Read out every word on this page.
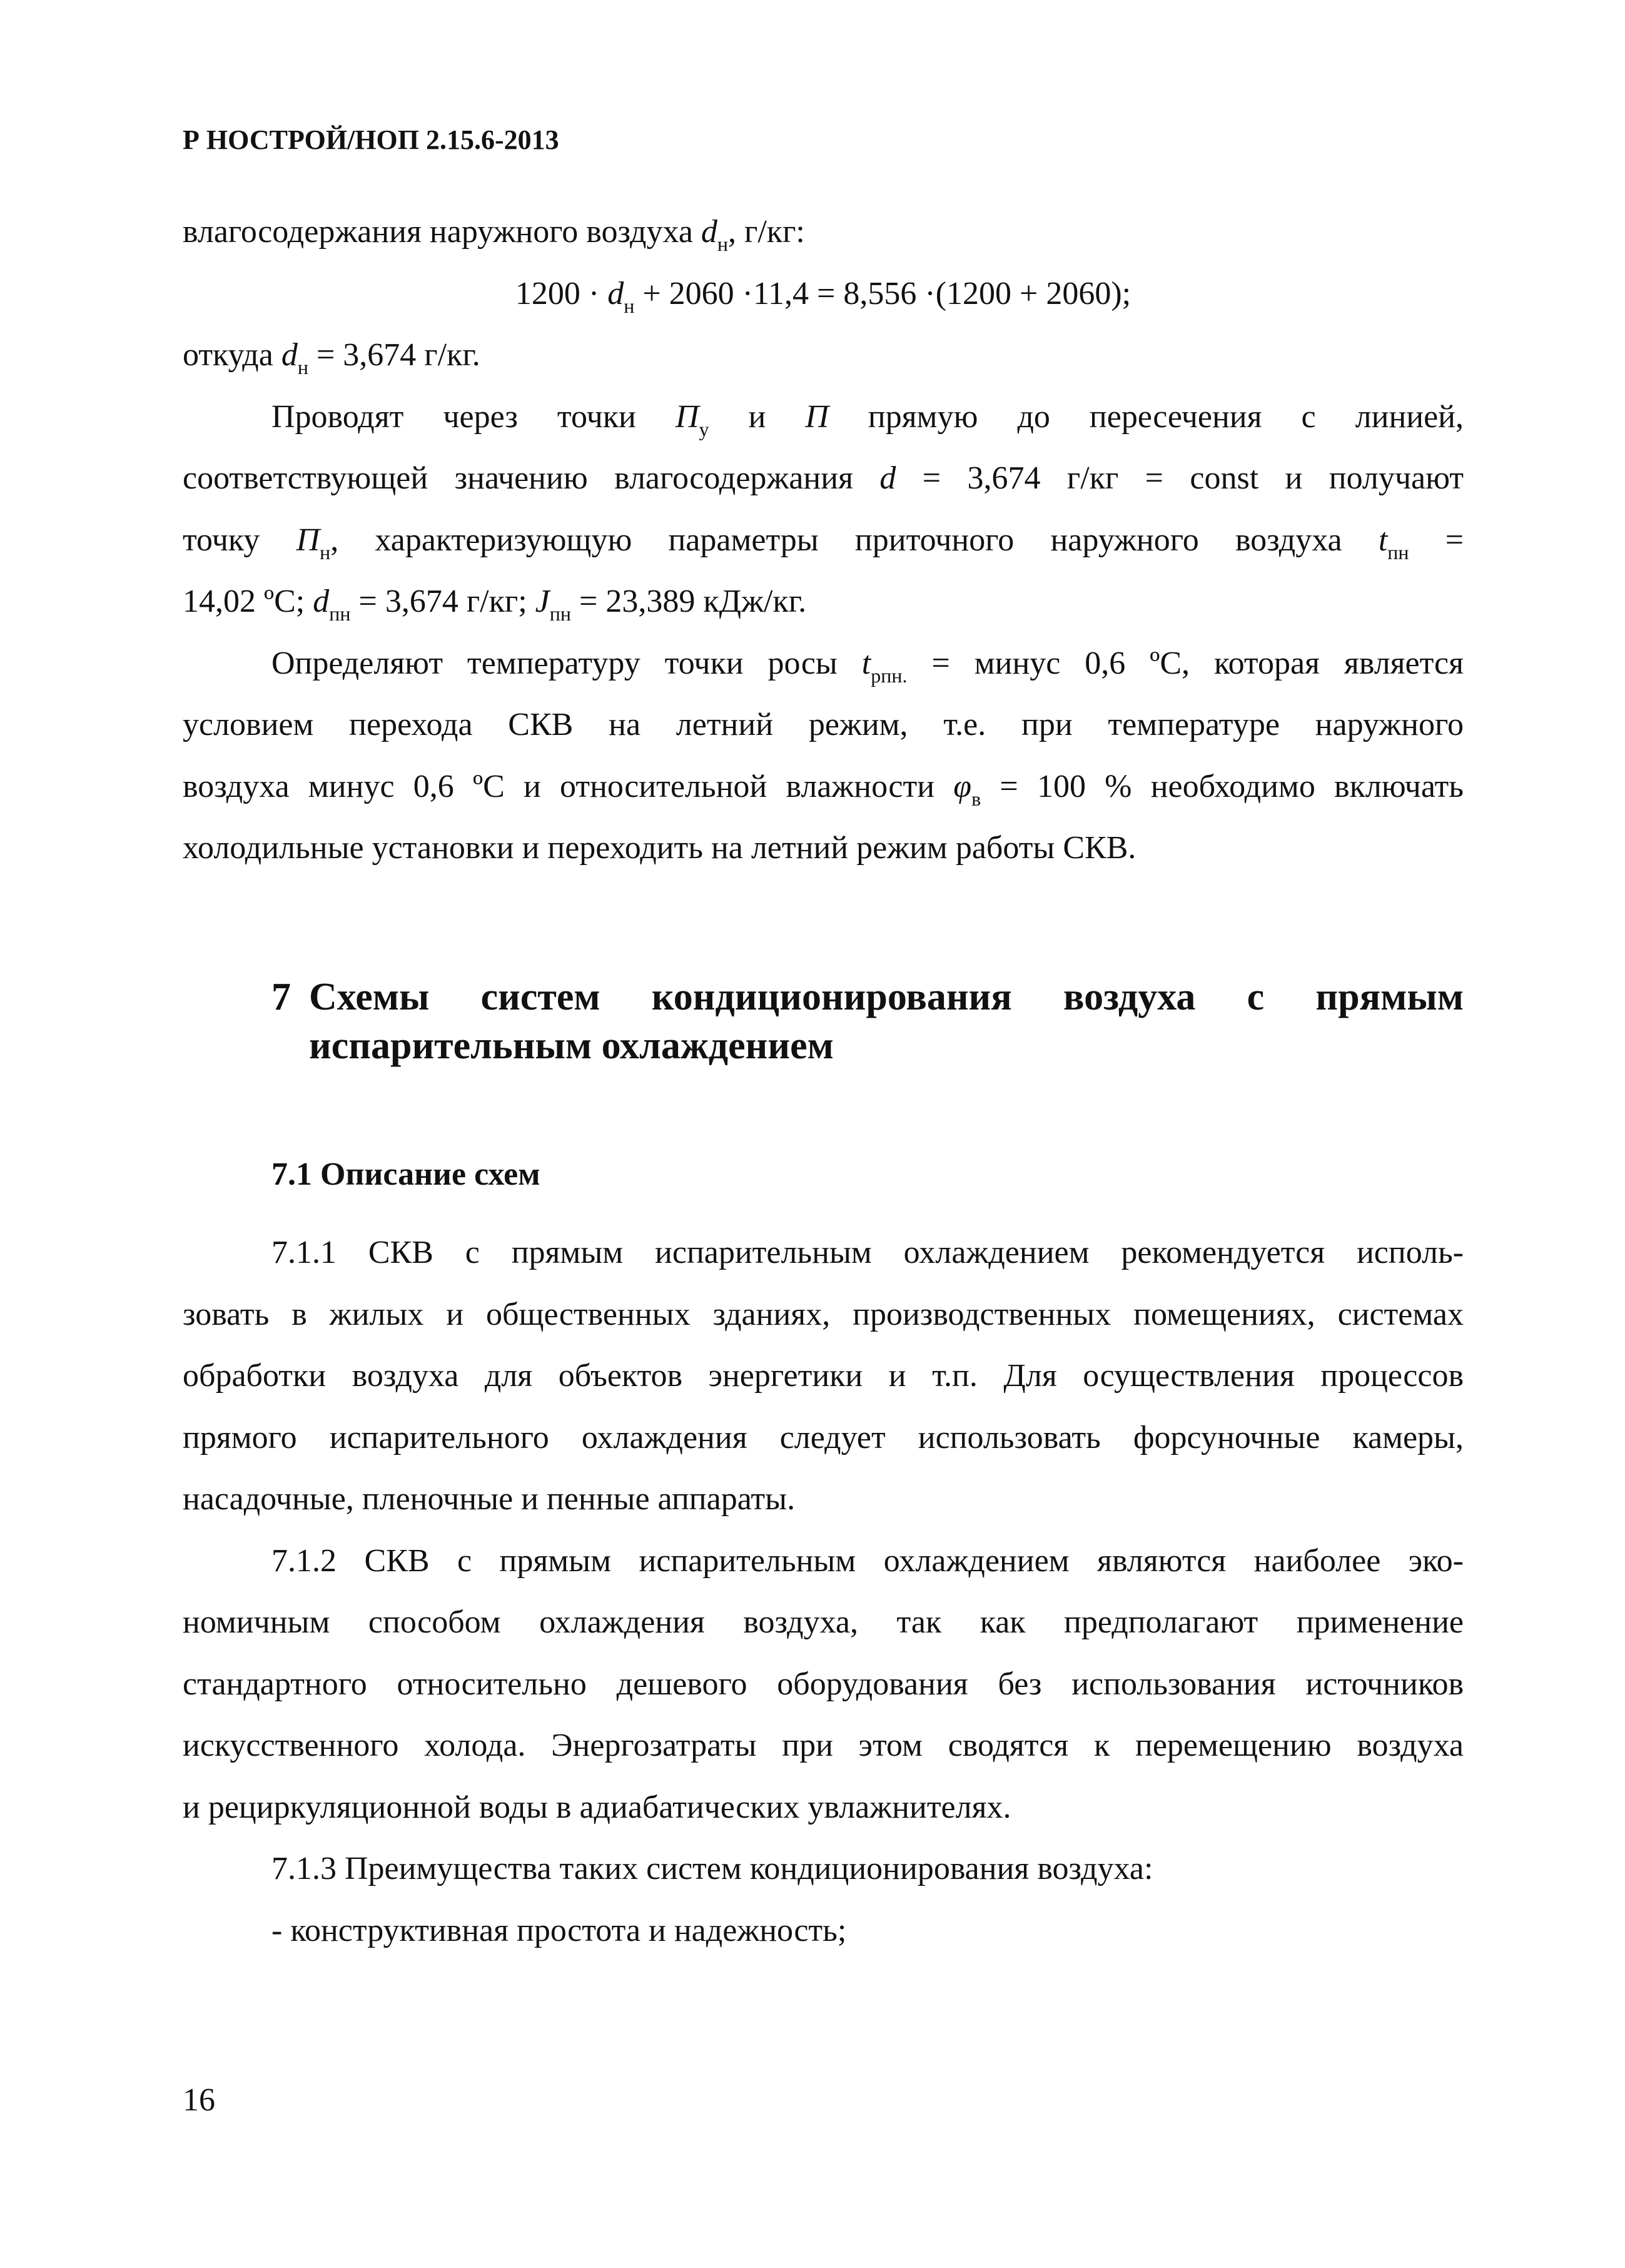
Р НОСТРОЙ/НОП 2.15.6-2013
влагосодержания наружного воздуха $d_н$, г/кг:
$1200 \cdot d_н + 2060 \cdot 11,4 = 8,556 \cdot(1200 + 2060)$;
откуда $d_н = 3,674$ г/кг.
Проводят через точки $П_у$ и П прямую до пересечения с линией,
соответствующей значению влагосодержания d = 3,674 г/кг = const и получают
точку $П_н$, характеризующую параметры приточного наружного воздуха $t_{пн}$ =
14,02 ºС; $d_{пн} = 3,674$ г/кг; $J_{пн} = 23,389$ кДж/кг.
Определяют температуру точки росы $t_{рпн.}$ = минус 0,6 ºС, которая является
условием перехода СКВ на летний режим, т.е. при температуре наружного
воздуха минус 0,6 ºС и относительной влажности $\varphi_в = 100$ % необходимо включать
холодильные установки и переходить на летний режим работы СКВ.
7 Схемы систем кондиционирования воздуха с прямым
испарительным охлаждением
7.1 Описание схем
7.1.1 СКВ с прямым испарительным охлаждением рекомендуется исполь-
зовать в жилых и общественных зданиях, производственных помещениях, системах
обработки воздуха для объектов энергетики и т.п. Для осуществления процессов
прямого испарительного охлаждения следует использовать форсуночные камеры,
насадочные, пленочные и пенные аппараты.
7.1.2 СКВ с прямым испарительным охлаждением являются наиболее эко-
номичным способом охлаждения воздуха, так как предполагают применение
стандартного относительно дешевого оборудования без использования источников
искусственного холода. Энергозатраты при этом сводятся к перемещению воздуха
и рециркуляционной воды в адиабатических увлажнителях.
7.1.3 Преимущества таких систем кондиционирования воздуха:
- конструктивная простота и надежность;
16
